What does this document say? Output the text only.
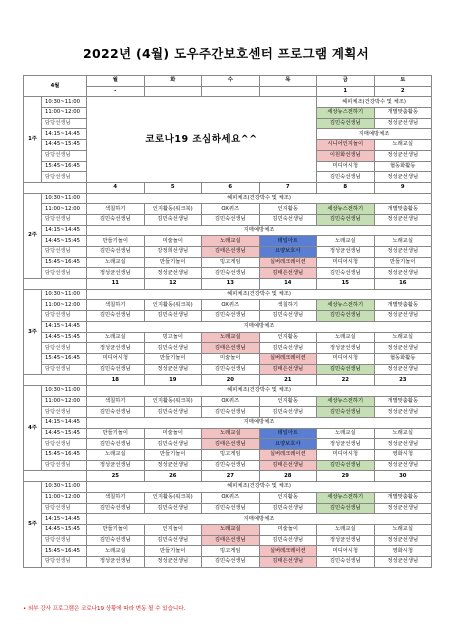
2022년 (4월) 도우주간보호센터 프로그램 계획서
4월		월	화	수	목	금	토
		-				1	2
1주	10:30~11:00	코로나19 조심하세요^^				헤피체조(건강박수 및 체조)	
	11:00~12:00					세상뉴스전하기	개별맞춤활동
	담당선생님					김민숙선생님	정성균선생님
	14:15~14:45					지매예방체조	
	14:45~15:45					시니어인지놀이	노래교실
	담당선생님					이원화선생님	정성균선생님
	15:45~16:45					미디어시청	협동화활동
	담당선생님					김민숙선생님	정성균선생님
		4	5	6	7	8	9
2주	10:30~11:00	헤피체조(건강박수 및 체조)					
	11:00~12:00	색칠하기	인지활동(워크북)	OX퀴즈	인지활동	세상뉴스전하기	개별맞춤활동
	담당선생님	김민숙선생님	김민숙선생님	김민숙선생님	김민숙선생님	김민숙선생님	정성균선생님
	14:15~14:45	지매예방체조					
	14:45~15:45	만들기놀이	미술놀이	노래교실	테일아트	노래교실	노래교실
	담당선생님	김민숙선생님	강정희선생님	김태은선생님	요양보호사	정성균선생님	정성균선생님
	15:45~16:45	노래교실	만들기놀이	빙고게임	실버레크레이션	미디어시청	만들기놀이
	담당선생님	정성균선생님	정성균선생님	김민숙선생님	김태은선생님	김민숙선생님	정성균선생님
		11	12	13	14	15	16
3주	10:30~11:00	헤피체조(건강박수 및 체조)					
	11:00~12:00	색칠하기	인지활동(워크북)	OX퀴즈	색칠하기	세상뉴스전하기	개별맞춤활동
	담당선생님	김민숙선생님	김민숙선생님	김민숙선생님	김민숙선생님	김민숙선생님	정성균선생님
	14:15~14:45	지매예방체조					
	14:45~15:45	노래교실	빙고놀이	노래교실	인지활동	노래교실	노래교실
	담당선생님	정성균선생님	김민숙선생님	김태은선생님	김민숙선생님	정성균선생님	정성균선생님
	15:45~16:45	미디어시청	만들기놀이	미술놀이	실버레크레이션	미디어시청	협동화활동
	담당선생님	김민숙선생님	정성균선생님	김민숙선생님	김태은선생님	김민숙선생님	정성균선생님
		18	19	20	21	22	23
4주	10:30~11:00	헤피체조(건강박수 및 체조)					
	11:00~12:00	색칠하기	인지활동(워크북)	OX퀴즈	인지활동	세상뉴스전하기	개별맞춤활동
	담당선생님	김민숙선생님	김민숙선생님	김민숙선생님	김민숙선생님	김민숙선생님	정성균선생님
	14:15~14:45	지매예방체조					
	14:45~15:45	만들기놀이	미술놀이	노래교실	테일아트	노래교실	노래교실
	담당선생님	김민숙선생님	김민숙선생님	김태은선생님	요양보호사	정성균선생님	정성균선생님
	15:45~16:45	노래교실	만들기놀이	빙고게임	실버레크레이션	미디어시청	영화시청
	담당선생님	정성균선생님	정성균선생님	김민숙선생님	김태은선생님	김민숙선생님	정성균선생님
		25	26	27	28	29	30
5주	10:30~11:00	헤피체조(건강박수 및 체조)					
	11:00~12:00	색칠하기	인지활동(워크북)	OX퀴즈	인지활동	세상뉴스전하기	개별맞춤활동
	담당선생님	김민숙선생님	김민숙선생님	김민숙선생님	김민숙선생님	김민숙선생님	정성균선생님
	14:15~14:45	지매예방체조					
	14:45~15:45	만들기놀이	인지놀이	노래교실	미술놀이	노래교실	노래교실
	담당선생님	김민숙선생님	김민숙선생님	김태은선생님	김민숙선생님	정성균선생님	정성균선생님
	15:45~16:45	노래교실	만들기놀이	빙고게임	실버레크레이션	미디어시청	영화시청
	담당선생님	정성균선생님	정성균선생님	김민숙선생님	김태은선생님	김민숙선생님	정성균선생님
• 외부 강사 프로그램은 코로나19 상황에 따라 변동 될 수 있습니다.
